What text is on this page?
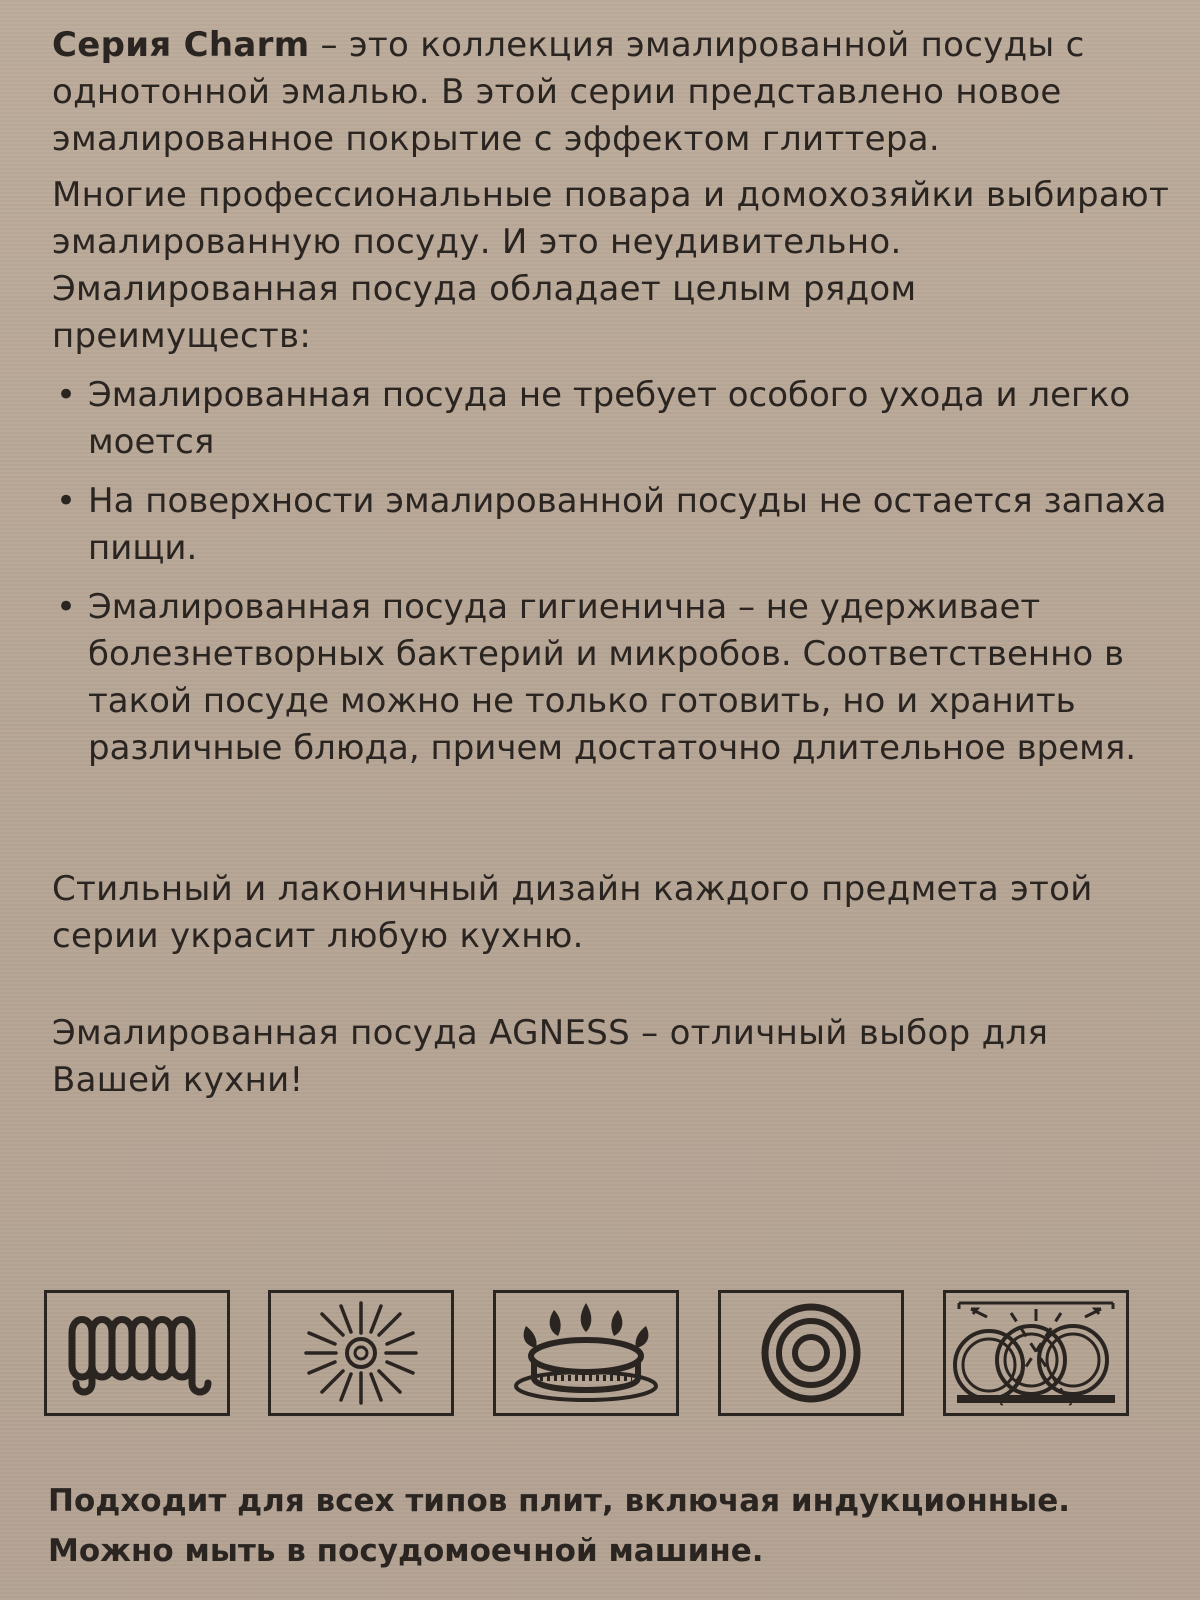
Серия Charm – это коллекция эмалированной посуды с однотонной эмалью. В этой серии представлено новое эмалированное покрытие с эффектом глиттера.

Многие профессиональные повара и домохозяйки выбирают эмалированную посуду. И это неудивительно. Эмалированная посуда обладает целым рядом преимуществ:

• Эмалированная посуда не требует особого ухода и легко моется
• На поверхности эмалированной посуды не остается запаха пищи.
• Эмалированная посуда гигиенична – не удерживает болезнетворных бактерий и микробов. Соответственно в такой посуде можно не только готовить, но и хранить различные блюда, причем достаточно длительное время.

Стильный и лаконичный дизайн каждого предмета этой серии украсит любую кухню.

Эмалированная посуда AGNESS – отличный выбор для Вашей кухни!

Подходит для всех типов плит, включая индукционные.
Можно мыть в посудомоечной машине.
